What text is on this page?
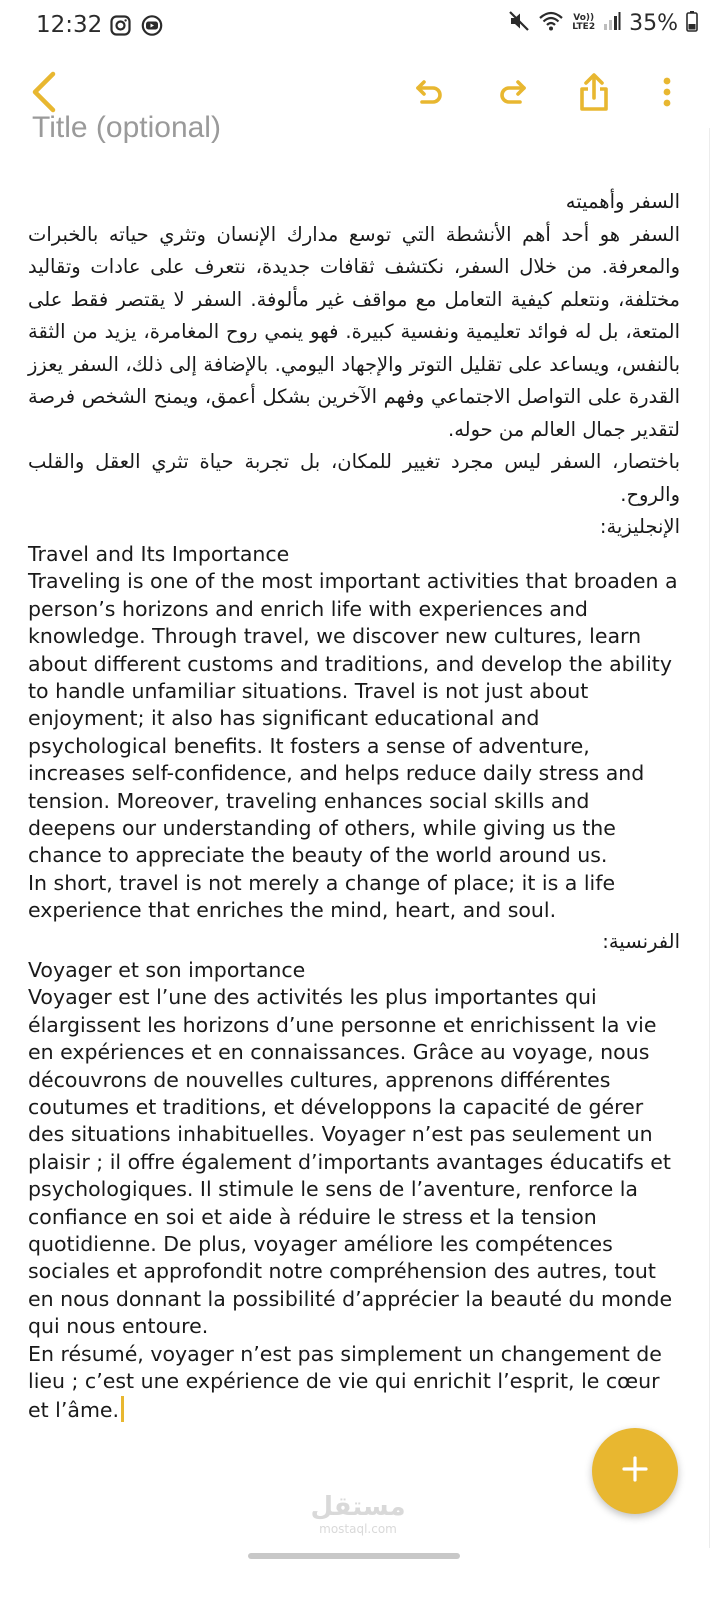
12:32	Vo))
LTE2 35%
Title (optional)
السفر وأهميته
السفر هو أحد أهم الأنشطة التي توسع مدارك الإنسان وتثري حياته بالخبرات والمعرفة. من خلال السفر، نكتشف ثقافات جديدة، نتعرف على عادات وتقاليد مختلفة، ونتعلم كيفية التعامل مع مواقف غير مألوفة. السفر لا يقتصر فقط على المتعة، بل له فوائد تعليمية ونفسية كبيرة. فهو ينمي روح المغامرة، يزيد من الثقة بالنفس، ويساعد على تقليل التوتر والإجهاد اليومي. بالإضافة إلى ذلك، السفر يعزز القدرة على التواصل الاجتماعي وفهم الآخرين بشكل أعمق، ويمنح الشخص فرصة لتقدير جمال العالم من حوله.
باختصار، السفر ليس مجرد تغيير للمكان، بل تجربة حياة تثري العقل والقلب والروح.
الإنجليزية:
Travel and Its Importance
Traveling is one of the most important activities that broaden a person’s horizons and enrich life with experiences and knowledge. Through travel, we discover new cultures, learn about different customs and traditions, and develop the ability to handle unfamiliar situations. Travel is not just about enjoyment; it also has significant educational and psychological benefits. It fosters a sense of adventure, increases self-confidence, and helps reduce daily stress and tension. Moreover, traveling enhances social skills and deepens our understanding of others, while giving us the chance to appreciate the beauty of the world around us.
In short, travel is not merely a change of place; it is a life experience that enriches the mind, heart, and soul.
الفرنسية:
Voyager et son importance
Voyager est l’une des activités les plus importantes qui élargissent les horizons d’une personne et enrichissent la vie en expériences et en connaissances. Grâce au voyage, nous découvrons de nouvelles cultures, apprenons différentes coutumes et traditions, et développons la capacité de gérer des situations inhabituelles. Voyager n’est pas seulement un plaisir ; il offre également d’importants avantages éducatifs et psychologiques. Il stimule le sens de l’aventure, renforce la confiance en soi et aide à réduire le stress et la tension quotidienne. De plus, voyager améliore les compétences sociales et approfondit notre compréhension des autres, tout en nous donnant la possibilité d’apprécier la beauté du monde qui nous entoure.
En résumé, voyager n’est pas simplement un changement de lieu ; c’est une expérience de vie qui enrichit l’esprit, le cœur et l’âme.
مستقل
mostaql.com
